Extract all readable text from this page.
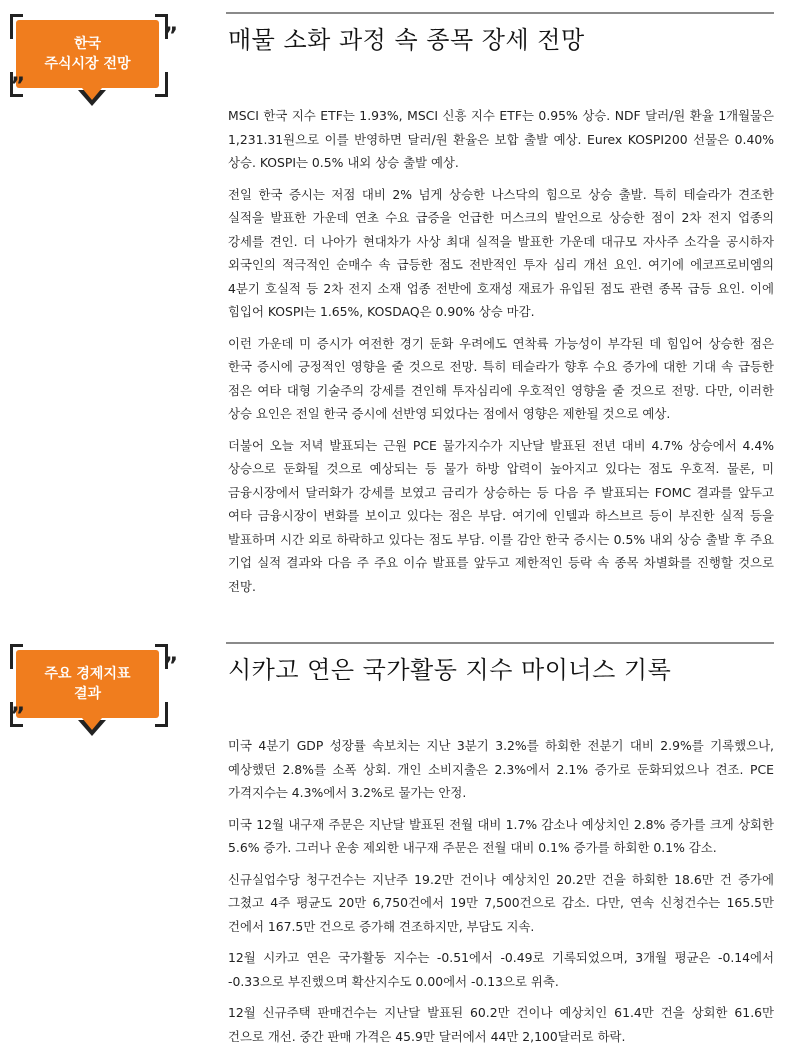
한국
주식시장 전망
”
„
매물 소화 과정 속 종목 장세 전망

MSCI 한국 지수 ETF는 1.93%, MSCI 신흥 지수 ETF는 0.95% 상승. NDF 달러/원 환율 1개월물은 1,231.31원으로 이를 반영하면 달러/원 환율은 보합 출발 예상. Eurex KOSPI200 선물은 0.40% 상승. KOSPI는 0.5% 내외 상승 출발 예상.

전일 한국 증시는 저점 대비 2% 넘게 상승한 나스닥의 힘으로 상승 출발. 특히 테슬라가 견조한 실적을 발표한 가운데 연초 수요 급증을 언급한 머스크의 발언으로 상승한 점이 2차 전지 업종의 강세를 견인. 더 나아가 현대차가 사상 최대 실적을 발표한 가운데 대규모 자사주 소각을 공시하자 외국인의 적극적인 순매수 속 급등한 점도 전반적인 투자 심리 개선 요인. 여기에 에코프로비엠의 4분기 호실적 등 2차 전지 소재 업종 전반에 호재성 재료가 유입된 점도 관련 종목 급등 요인. 이에 힘입어 KOSPI는 1.65%, KOSDAQ은 0.90% 상승 마감.

이런 가운데 미 증시가 여전한 경기 둔화 우려에도 연착륙 가능성이 부각된 데 힘입어 상승한 점은 한국 증시에 긍정적인 영향을 줄 것으로 전망. 특히 테슬라가 향후 수요 증가에 대한 기대 속 급등한 점은 여타 대형 기술주의 강세를 견인해 투자심리에 우호적인 영향을 줄 것으로 전망. 다만, 이러한 상승 요인은 전일 한국 증시에 선반영 되었다는 점에서 영향은 제한될 것으로 예상.

더불어 오늘 저녁 발표되는 근원 PCE 물가지수가 지난달 발표된 전년 대비 4.7% 상승에서 4.4% 상승으로 둔화될 것으로 예상되는 등 물가 하방 압력이 높아지고 있다는 점도 우호적. 물론, 미 금융시장에서 달러화가 강세를 보였고 금리가 상승하는 등 다음 주 발표되는 FOMC 결과를 앞두고 여타 금융시장이 변화를 보이고 있다는 점은 부담. 여기에 인텔과 하스브르 등이 부진한 실적 등을 발표하며 시간 외로 하락하고 있다는 점도 부담. 이를 감안 한국 증시는 0.5% 내외 상승 출발 후 주요 기업 실적 결과와 다음 주 주요 이슈 발표를 앞두고 제한적인 등락 속 종목 차별화를 진행할 것으로 전망.

주요 경제지표
결과
”
„
시카고 연은 국가활동 지수 마이너스 기록

미국 4분기 GDP 성장률 속보치는 지난 3분기 3.2%를 하회한 전분기 대비 2.9%를 기록했으나, 예상했던 2.8%를 소폭 상회. 개인 소비지출은 2.3%에서 2.1% 증가로 둔화되었으나 견조. PCE 가격지수는 4.3%에서 3.2%로 물가는 안정.

미국 12월 내구재 주문은 지난달 발표된 전월 대비 1.7% 감소나 예상치인 2.8% 증가를 크게 상회한 5.6% 증가. 그러나 운송 제외한 내구재 주문은 전월 대비 0.1% 증가를 하회한 0.1% 감소.

신규실업수당 청구건수는 지난주 19.2만 건이나 예상치인 20.2만 건을 하회한 18.6만 건 증가에 그쳤고 4주 평균도 20만 6,750건에서 19만 7,500건으로 감소. 다만, 연속 신청건수는 165.5만 건에서 167.5만 건으로 증가해 견조하지만, 부담도 지속.

12월 시카고 연은 국가활동 지수는 -0.51에서 -0.49로 기록되었으며, 3개월 평균은 -0.14에서 -0.33으로 부진했으며 확산지수도 0.00에서 -0.13으로 위축.

12월 신규주택 판매건수는 지난달 발표된 60.2만 건이나 예상치인 61.4만 건을 상회한 61.6만 건으로 개선. 중간 판매 가격은 45.9만 달러에서 44만 2,100달러로 하락.
